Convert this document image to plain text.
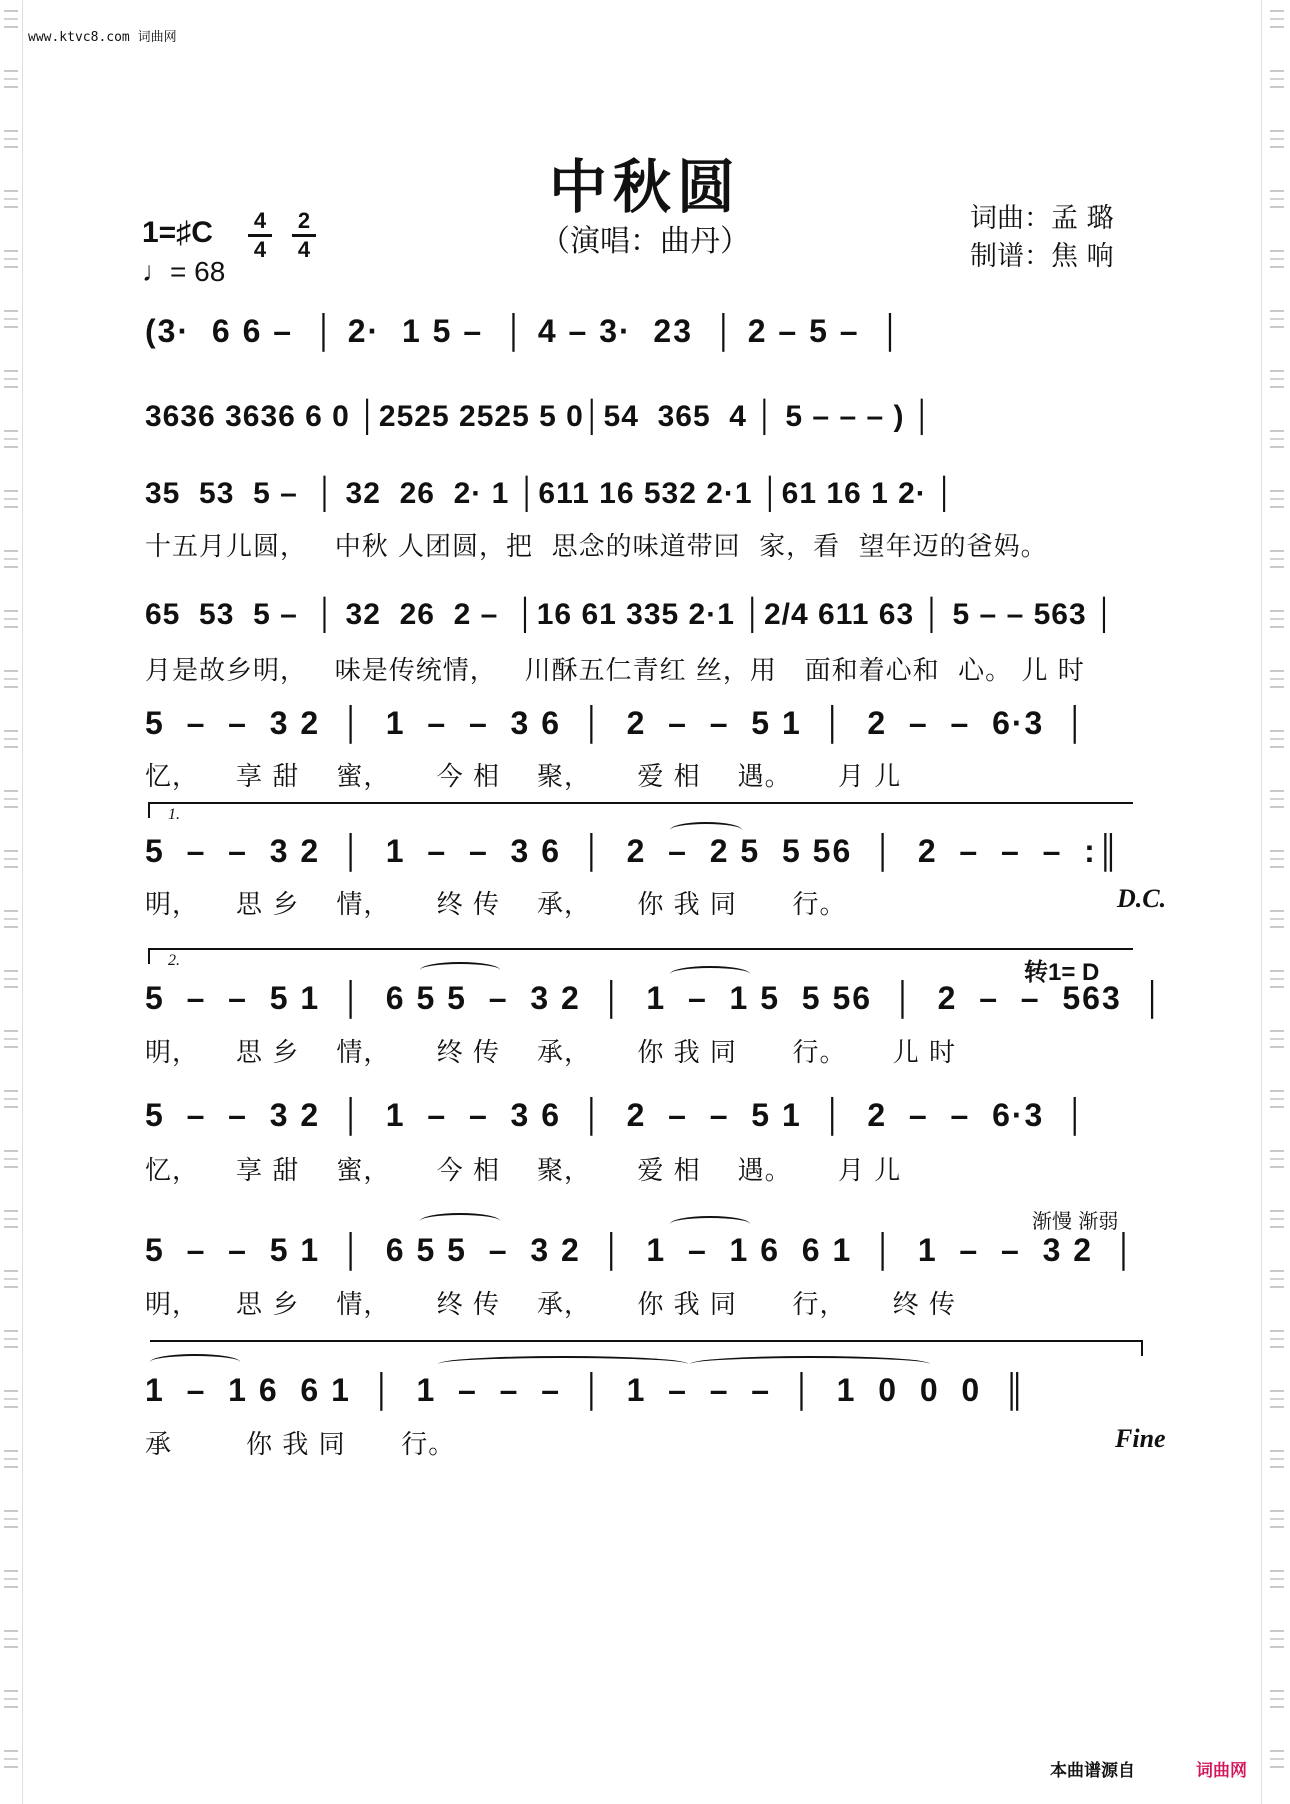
www.ktvc8.com 词曲网
中秋圆
（演唱：曲丹）
词曲：孟 璐
制谱：焦 响
1=♯C	4
4
2
4
♩= 68
(3·  6 6 –  │ 2·  1 5 –  │ 4 – 3·  23  │ 2 – 5 –  │
3636 3636 6 0 │2525 2525 5 0│54  365  4 │ 5 – – – ) │
35  53  5 –  │ 32  26  2· 1 │611 16 532 2·1 │61 16 1 2· │
十五月儿圆，   中秋 人团圆，把  思念的味道带回  家，看  望年迈的爸妈。
65  53  5 –  │ 32  26  2 –  │16 61 335 2·1 │2/4 611 63 │ 5 – – 563 │
月是故乡明，   味是传统情，   川酥五仁青红 丝，用   面和着心和  心。 儿 时
5  –  –  3 2  │  1  –  –  3 6  │  2  –  –  5 1  │  2  –  –  6·3  │
忆，    享 甜    蜜，     今 相    聚，     爱 相    遇。     月 儿
1.
5  –  –  3 2  │  1  –  –  3 6  │  2  –  2 5  5 56  │  2  –  –  –  :║
明，    思 乡    情，     终 传    承，     你 我 同      行。	D.C.
2.	转1= D
5  –  –  5 1  │  6 5 5  –  3 2  │  1  –  1 5  5 56  │  2  –  –  563  │
明，    思 乡    情，     终 传    承，     你 我 同      行。     儿 时
5  –  –  3 2  │  1  –  –  3 6  │  2  –  –  5 1  │  2  –  –  6·3  │
忆，    享 甜    蜜，     今 相    聚，     爱 相    遇。     月 儿
渐慢 渐弱
5  –  –  5 1  │  6 5 5  –  3 2  │  1  –  1 6  6 1  │  1  –  –  3 2  │
明，    思 乡    情，     终 传    承，     你 我 同      行，     终 传
1  –  1 6  6 1  │  1  –  –  –  │  1  –  –  –  │  1  0  0  0  ║
承        你 我 同      行。	Fine
本曲谱源自	词曲网
